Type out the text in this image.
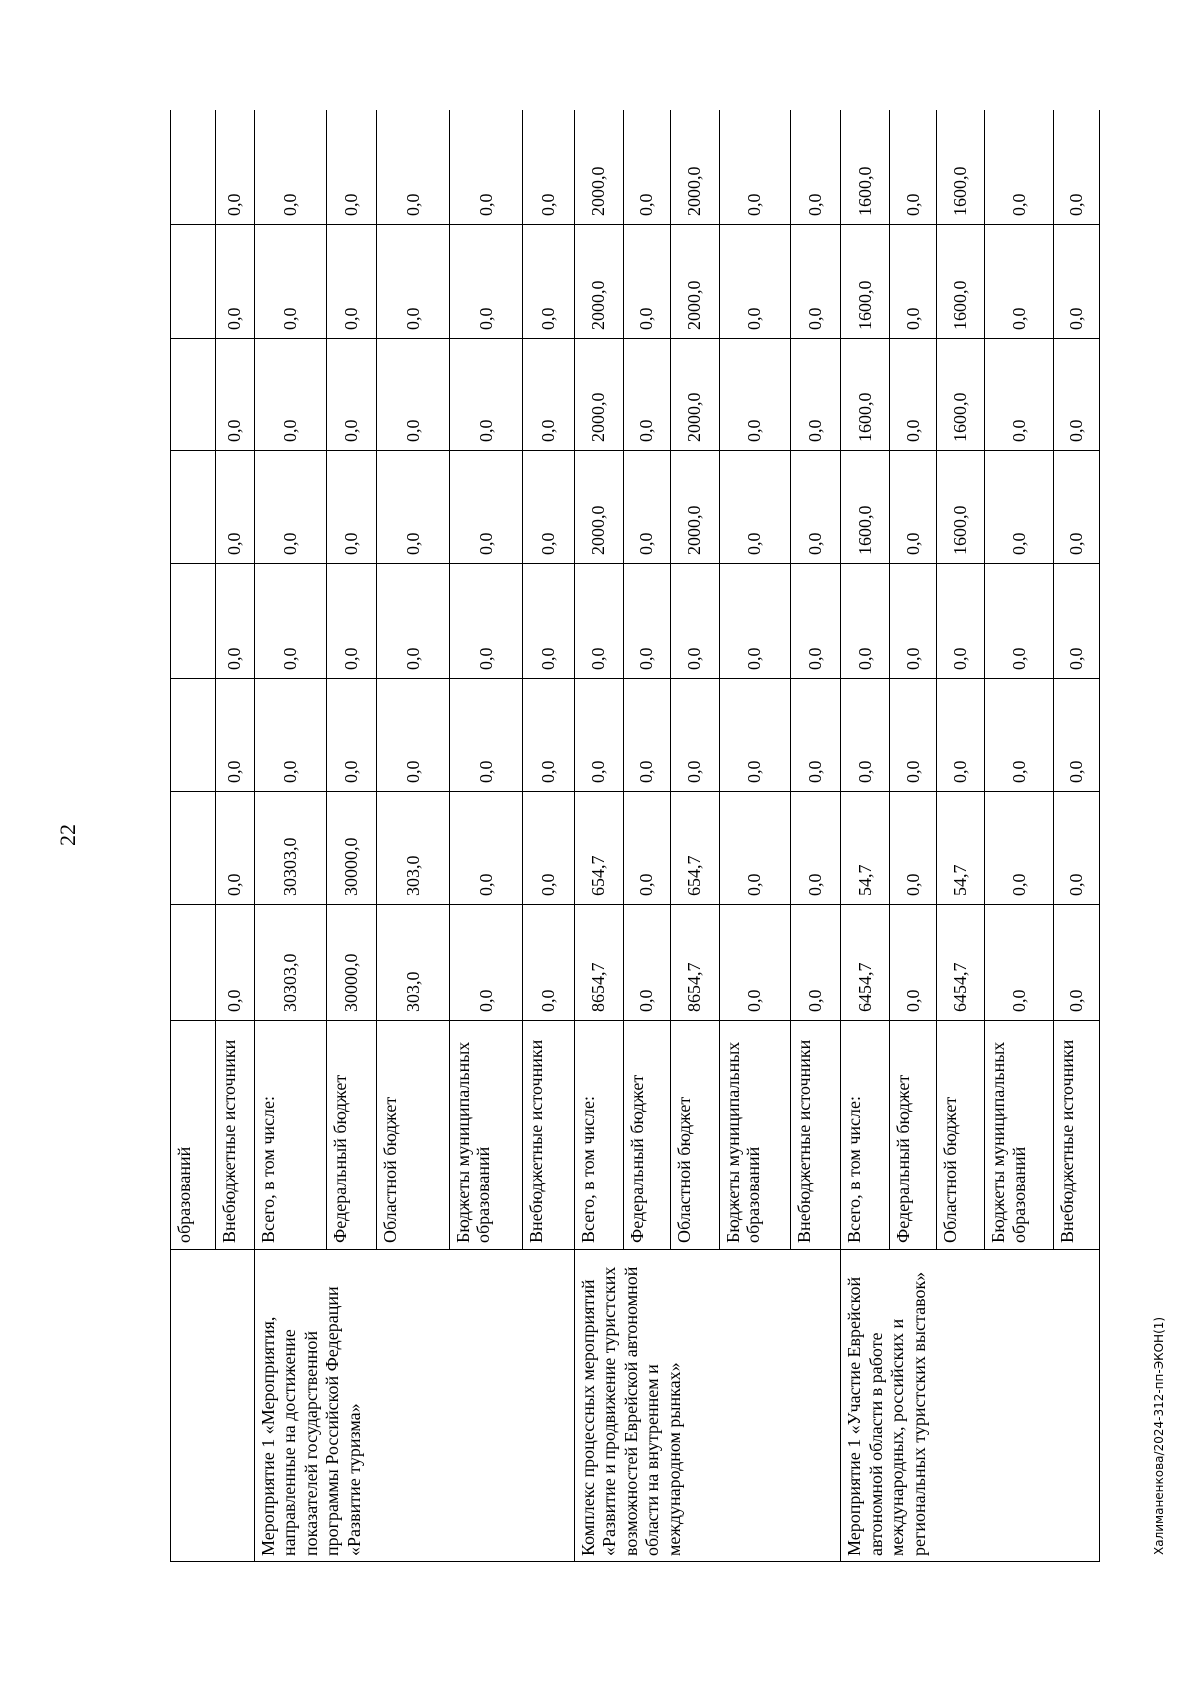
22
	образований								
	Внебюджетные источники	0,0	0,0	0,0	0,0	0,0	0,0	0,0	0,0
Мероприятие 1 «Мероприятия, направленные на достижение показателей государственной программы Российской Федерации «Развитие туризма»	Всего, в том числе:	30303,0	30303,0	0,0	0,0	0,0	0,0	0,0	0,0
	Федеральный бюджет	30000,0	30000,0	0,0	0,0	0,0	0,0	0,0	0,0
	Областной бюджет	303,0	303,0	0,0	0,0	0,0	0,0	0,0	0,0
	Бюджеты муниципальных образований	0,0	0,0	0,0	0,0	0,0	0,0	0,0	0,0
	Внебюджетные источники	0,0	0,0	0,0	0,0	0,0	0,0	0,0	0,0
Комплекс процессных мероприятий «Развитие и продвижение туристских возможностей Еврейской автономной области на внутреннем и международном рынках»	Всего, в том числе:	8654,7	654,7	0,0	0,0	2000,0	2000,0	2000,0	2000,0
	Федеральный бюджет	0,0	0,0	0,0	0,0	0,0	0,0	0,0	0,0
	Областной бюджет	8654,7	654,7	0,0	0,0	2000,0	2000,0	2000,0	2000,0
	Бюджеты муниципальных образований	0,0	0,0	0,0	0,0	0,0	0,0	0,0	0,0
	Внебюджетные источники	0,0	0,0	0,0	0,0	0,0	0,0	0,0	0,0
Мероприятие 1 «Участие Еврейской автономной области в работе международных, российских и региональных туристских выставок»	Всего, в том числе:	6454,7	54,7	0,0	0,0	1600,0	1600,0	1600,0	1600,0
	Федеральный бюджет	0,0	0,0	0,0	0,0	0,0	0,0	0,0	0,0
	Областной бюджет	6454,7	54,7	0,0	0,0	1600,0	1600,0	1600,0	1600,0
	Бюджеты муниципальных образований	0,0	0,0	0,0	0,0	0,0	0,0	0,0	0,0
	Внебюджетные источники	0,0	0,0	0,0	0,0	0,0	0,0	0,0	0,0
Халиманенкова/2024-312-пп-ЭКОН(1)
